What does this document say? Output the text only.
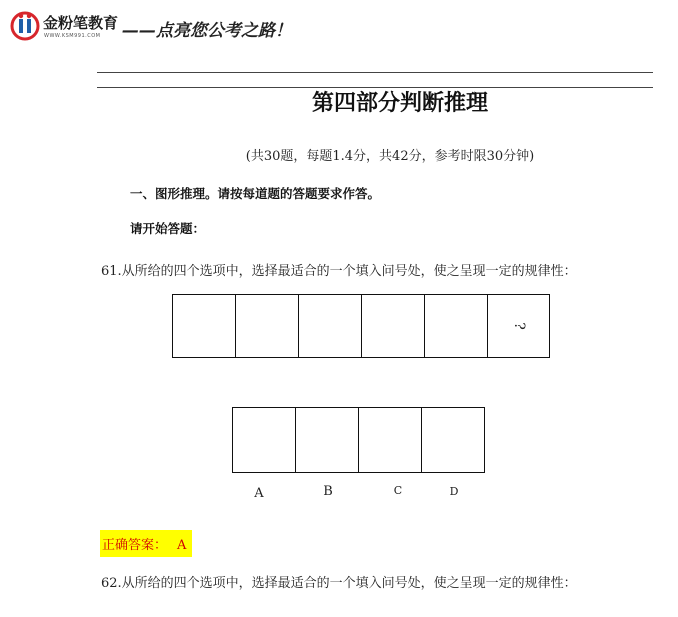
金粉笔教育
WWW.KSM991.COM ——点亮您公考之路！
第四部分判断推理
(共30题，每题1.4分，共42分，参考时限30分钟)
一、图形推理。请按每道题的答题要求作答。
请开始答题：
61.从所给的四个选项中，选择最适合的一个填入问号处，使之呈现一定的规律性：
?
A	B	C	D
正确答案： A
62.从所给的四个选项中，选择最适合的一个填入问号处，使之呈现一定的规律性：
